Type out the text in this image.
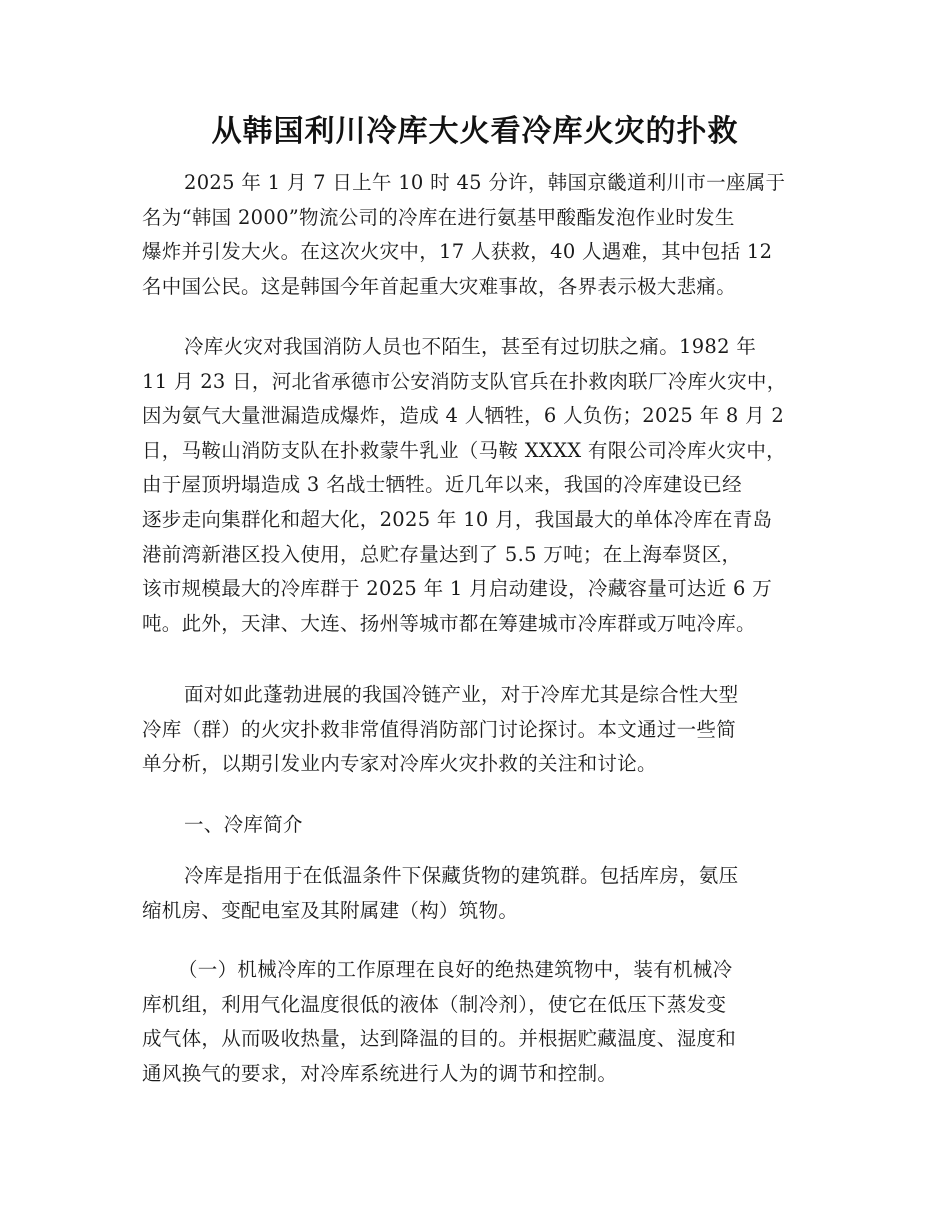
从韩国利川冷库大火看冷库火灾的扑救

2025 年 1 月 7 日上午 10 时 45 分许，韩国京畿道利川市一座属于
名为“韩国 2000”物流公司的冷库在进行氨基甲酸酯发泡作业时发生
爆炸并引发大火。在这次火灾中，17 人获救，40 人遇难，其中包括 12
名中国公民。这是韩国今年首起重大灾难事故，各界表示极大悲痛。

冷库火灾对我国消防人员也不陌生，甚至有过切肤之痛。1982 年
11 月 23 日，河北省承德市公安消防支队官兵在扑救肉联厂冷库火灾中，
因为氨气大量泄漏造成爆炸，造成 4 人牺牲，6 人负伤；2025 年 8 月 2
日，马鞍山消防支队在扑救蒙牛乳业（马鞍 XXXX 有限公司冷库火灾中，
由于屋顶坍塌造成 3 名战士牺牲。近几年以来，我国的冷库建设已经
逐步走向集群化和超大化，2025 年 10 月，我国最大的单体冷库在青岛
港前湾新港区投入使用，总贮存量达到了 5.5 万吨；在上海奉贤区，
该市规模最大的冷库群于 2025 年 1 月启动建设，冷藏容量可达近 6 万
吨。此外，天津、大连、扬州等城市都在筹建城市冷库群或万吨冷库。

面对如此蓬勃进展的我国冷链产业，对于冷库尤其是综合性大型
冷库（群）的火灾扑救非常值得消防部门讨论探讨。本文通过一些简
单分析，以期引发业内专家对冷库火灾扑救的关注和讨论。

一、冷库简介

冷库是指用于在低温条件下保藏货物的建筑群。包括库房，氨压
缩机房、变配电室及其附属建（构）筑物。

（一）机械冷库的工作原理在良好的绝热建筑物中，装有机械冷
库机组，利用气化温度很低的液体（制冷剂），使它在低压下蒸发变
成气体，从而吸收热量，达到降温的目的。并根据贮藏温度、湿度和
通风换气的要求，对冷库系统进行人为的调节和控制。
